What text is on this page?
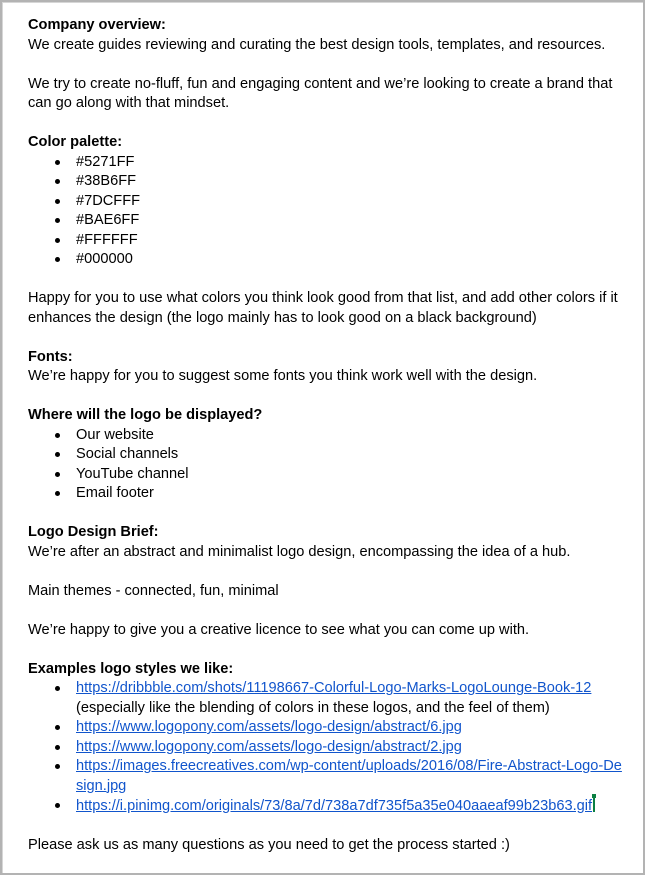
Company overview:

We create guides reviewing and curating the best design tools, templates, and resources.

We try to create no-fluff, fun and engaging content and we’re looking to create a brand that can go along with that mindset.

Color palette:

#5271FF
#38B6FF
#7DCFFF
#BAE6FF
#FFFFFF
#000000

Happy for you to use what colors you think look good from that list, and add other colors if it enhances the design (the logo mainly has to look good on a black background)

Fonts:

We’re happy for you to suggest some fonts you think work well with the design.

Where will the logo be displayed?

Our website
Social channels
YouTube channel
Email footer

Logo Design Brief:

We’re after an abstract and minimalist logo design, encompassing the idea of a hub.

Main themes - connected, fun, minimal

We’re happy to give you a creative licence to see what you can come up with.

Examples logo styles we like:

https://dribbble.com/shots/11198667-Colorful-Logo-Marks-LogoLounge-Book-12
(especially like the blending of colors in these logos, and the feel of them)
https://www.logopony.com/assets/logo-design/abstract/6.jpg
https://www.logopony.com/assets/logo-design/abstract/2.jpg
https://images.freecreatives.com/wp-content/uploads/2016/08/Fire-Abstract-Logo-Design.jpg
https://i.pinimg.com/originals/73/8a/7d/738a7df735f5a35e040aaeaf99b23b63.gif

Please ask us as many questions as you need to get the process started :)
